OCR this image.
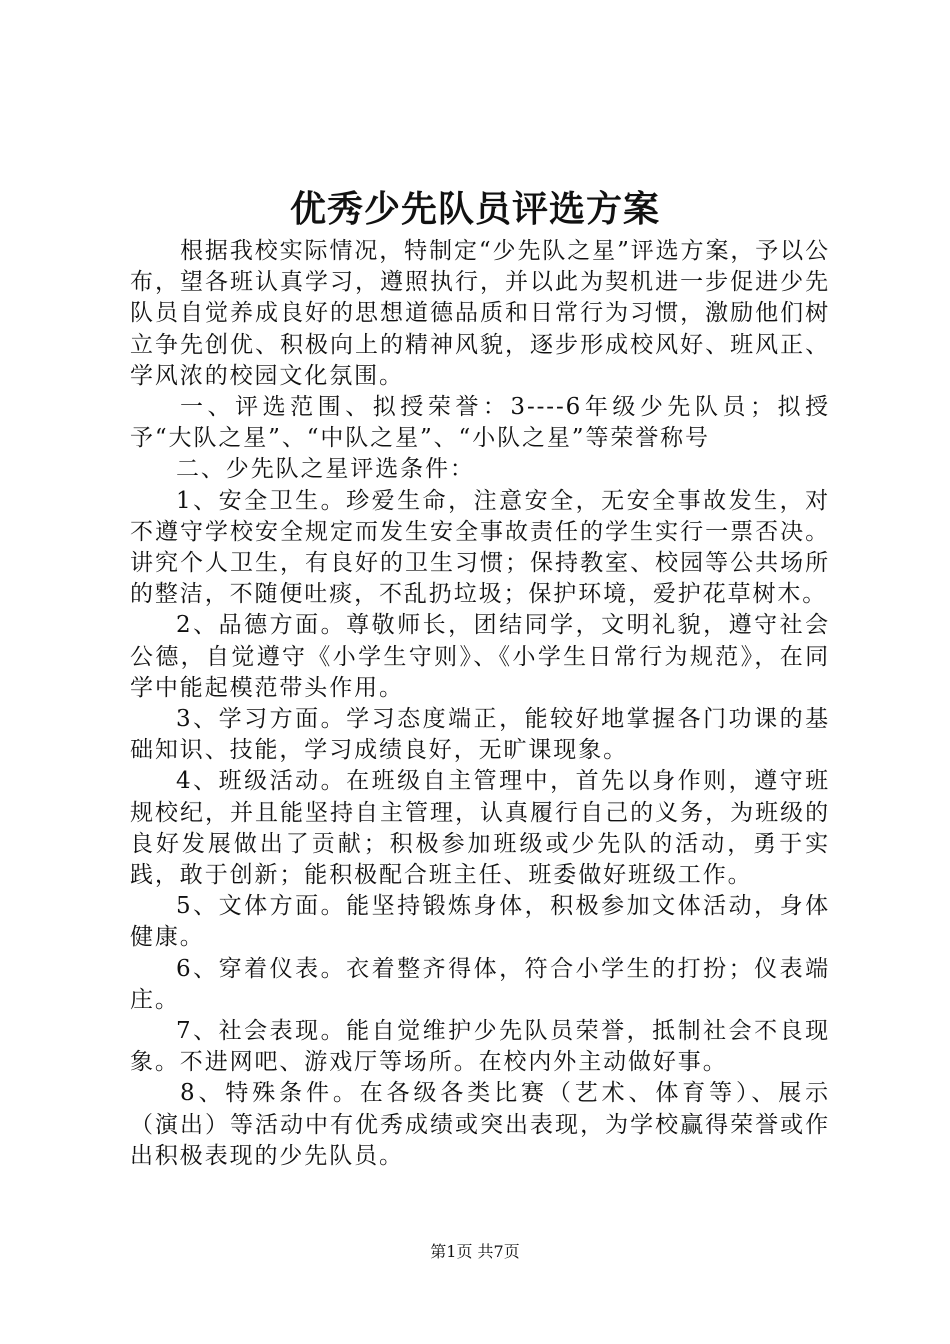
优秀少先队员评选方案

根据我校实际情况，特制定“少先队之星”评选方案，予以公布，望各班认真学习，遵照执行，并以此为契机进一步促进少先队员自觉养成良好的思想道德品质和日常行为习惯，激励他们树立争先创优、积极向上的精神风貌，逐步形成校风好、班风正、学风浓的校园文化氛围。

一、评选范围、拟授荣誉：3----6年级少先队员；拟授予“大队之星”、“中队之星”、“小队之星”等荣誉称号

二、少先队之星评选条件：

1、安全卫生。珍爱生命，注意安全，无安全事故发生，对不遵守学校安全规定而发生安全事故责任的学生实行一票否决。讲究个人卫生，有良好的卫生习惯；保持教室、校园等公共场所的整洁，不随便吐痰，不乱扔垃圾；保护环境，爱护花草树木。

2、品德方面。尊敬师长，团结同学，文明礼貌，遵守社会公德，自觉遵守《小学生守则》、《小学生日常行为规范》，在同学中能起模范带头作用。

3、学习方面。学习态度端正，能较好地掌握各门功课的基础知识、技能，学习成绩良好，无旷课现象。

4、班级活动。在班级自主管理中，首先以身作则，遵守班规校纪，并且能坚持自主管理，认真履行自己的义务，为班级的良好发展做出了贡献；积极参加班级或少先队的活动，勇于实践，敢于创新；能积极配合班主任、班委做好班级工作。

5、文体方面。能坚持锻炼身体，积极参加文体活动，身体健康。

6、穿着仪表。衣着整齐得体，符合小学生的打扮；仪表端庄。

7、社会表现。能自觉维护少先队员荣誉，抵制社会不良现象。不进网吧、游戏厅等场所。在校内外主动做好事。

8、特殊条件。在各级各类比赛（艺术、体育等）、展示（演出）等活动中有优秀成绩或突出表现，为学校赢得荣誉或作出积极表现的少先队员。

第1页 共7页
